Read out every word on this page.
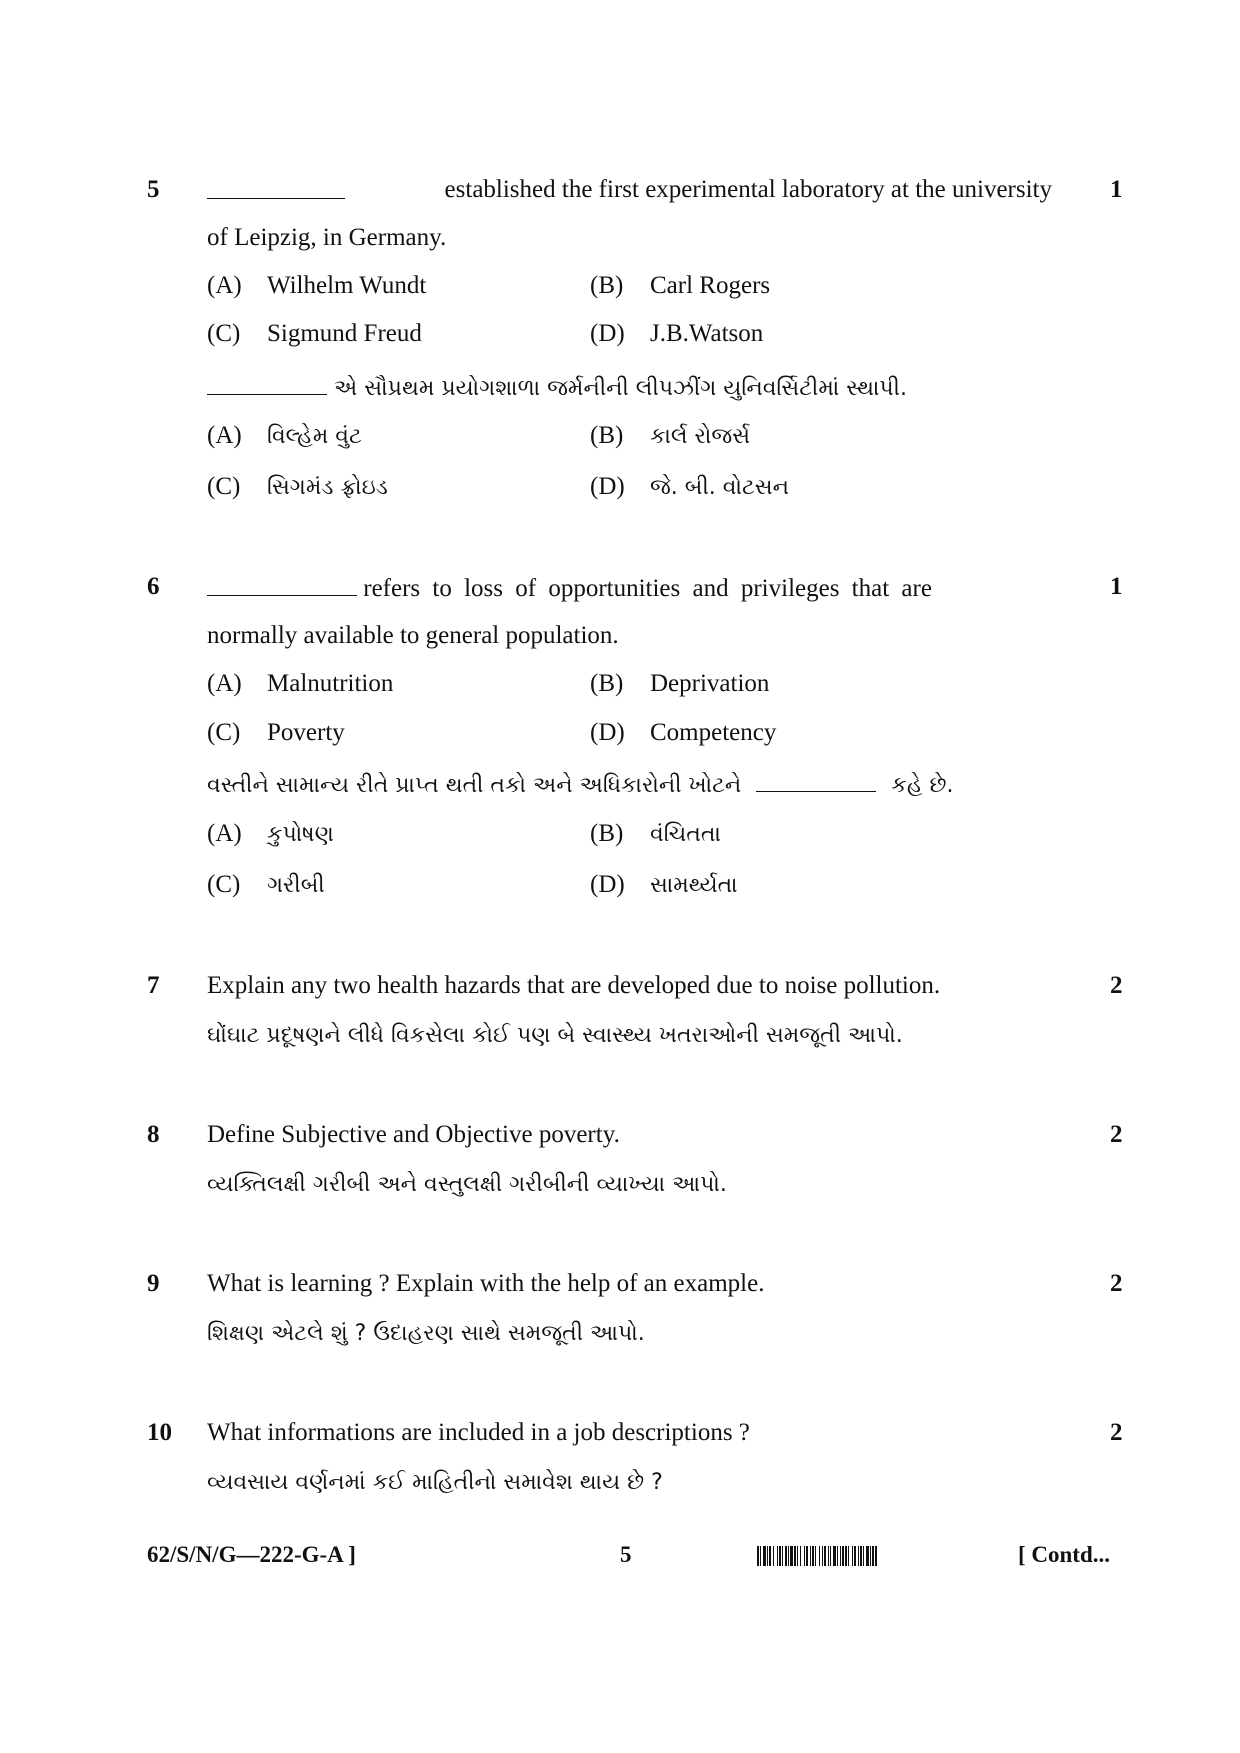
5	1
established the first experimental laboratory at the university
of Leipzig, in Germany.
(A) Wilhelm Wundt	(B) Carl Rogers
(C) Sigmund Freud	(D) J.B.Watson
એ સૌપ્રથમ પ્રયોગશાળા જર્મનીની લીપઝીંગ યુનિવર્સિટીમાં સ્થાપી.
(A) વિલ્હેમ વુંટ	(B) કાર્લ રોજર્સ
(C) સિગમંડ ફ્રોઇડ	(D) જે. બી. વોટસન
6	1
refers to loss of opportunities and privileges that are
normally available to general population.
(A) Malnutrition	(B) Deprivation
(C) Poverty	(D) Competency
વસ્તીને સામાન્ય રીતે પ્રાપ્ત થતી તકો અને અધિકારોની ખોટને	કહે છે.
(A) કુપોષણ	(B) વંચિતતા
(C) ગરીબી	(D) સામર્થ્યતા
7	2
Explain any two health hazards that are developed due to noise pollution.
ઘોંઘાટ પ્રદૂષણને લીધે વિકસેલા કોઈ પણ બે સ્વાસ્થ્ય ખતરાઓની સમજૂતી આપો.
8	2
Define Subjective and Objective poverty.
વ્યક્તિલક્ષી ગરીબી અને વસ્તુલક્ષી ગરીબીની વ્યાખ્યા આપો.
9	2
What is learning ? Explain with the help of an example.
શિક્ષણ એટલે શું ? ઉદાહરણ સાથે સમજૂતી આપો.
10	2
What informations are included in a job descriptions ?
વ્યવસાય વર્ણનમાં કઈ માહિતીનો સમાવેશ થાય છે ?
62/S/N/G—222-G-A ]	5	[ Contd...
